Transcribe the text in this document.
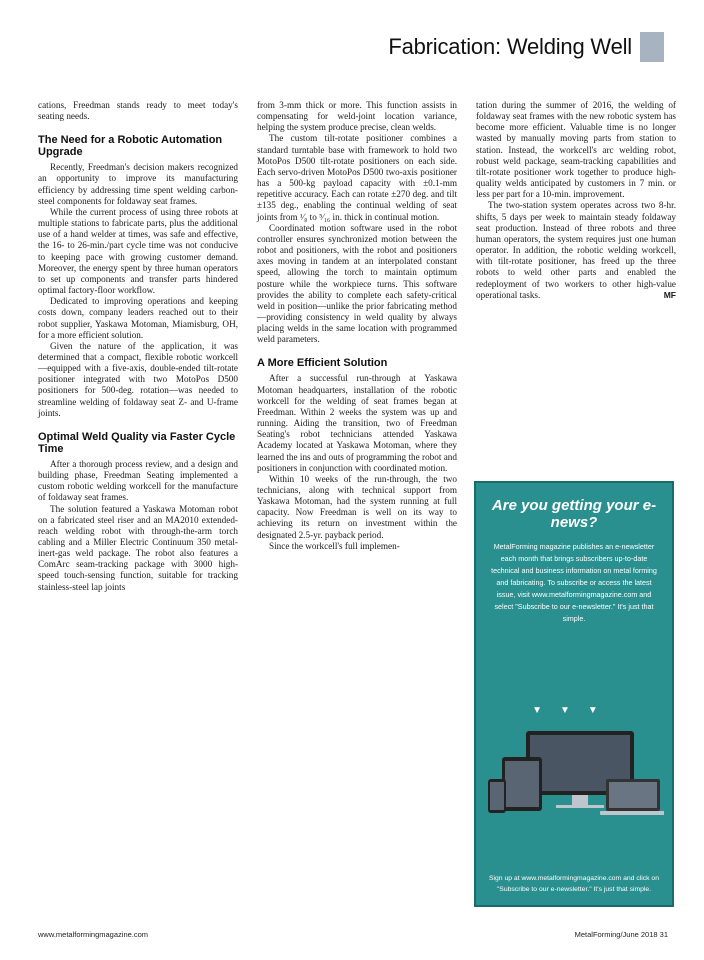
Fabrication: Welding Well

cations, Freedman stands ready to meet today's seating needs.

The Need for a Robotic Automation Upgrade

Recently, Freedman's decision makers recognized an opportunity to improve its manufacturing efficiency by addressing time spent welding carbon-steel components for foldaway seat frames.

While the current process of using three robots at multiple stations to fabricate parts, plus the additional use of a hand welder at times, was safe and effective, the 16- to 26-min./part cycle time was not conducive to keeping pace with growing customer demand. Moreover, the energy spent by three human operators to set up components and transfer parts hindered optimal factory-floor workflow.

Dedicated to improving operations and keeping costs down, company leaders reached out to their robot supplier, Yaskawa Motoman, Miamisburg, OH, for a more efficient solution.

Given the nature of the application, it was determined that a compact, flexible robotic workcell—equipped with a five-axis, double-ended tilt-rotate positioner integrated with two MotoPos D500 positioners for 500-deg. rotation—was needed to streamline welding of foldaway seat Z- and U-frame joints.

Optimal Weld Quality via Faster Cycle Time

After a thorough process review, and a design and building phase, Freedman Seating implemented a custom robotic welding workcell for the manufacture of foldaway seat frames.

The solution featured a Yaskawa Motoman robot on a fabricated steel riser and an MA2010 extended-reach welding robot with through-the-arm torch cabling and a Miller Electric Continuum 350 metal-inert-gas weld package. The robot also features a ComArc seam-tracking package with 3000 high-speed touch-sensing function, suitable for tracking stainless-steel lap joints

from 3-mm thick or more. This function assists in compensating for weld-joint location variance, helping the system produce precise, clean welds.

The custom tilt-rotate positioner combines a standard turntable base with framework to hold two MotoPos D500 tilt-rotate positioners on each side. Each servo-driven MotoPos D500 two-axis positioner has a 500-kg payload capacity with ±0.1-mm repetitive accuracy. Each can rotate ±270 deg. and tilt ±135 deg., enabling the continual welding of seat joints from ¹⁄₈ to ⁵⁄₁₆ in. thick in continual motion.

Coordinated motion software used in the robot controller ensures synchronized motion between the robot and positioners, with the robot and positioners axes moving in tandem at an interpolated constant speed, allowing the torch to maintain optimum posture while the workpiece turns. This software provides the ability to complete each safety-critical weld in position—unlike the prior fabricating method—providing consistency in weld quality by always placing welds in the same location with programmed weld parameters.

A More Efficient Solution

After a successful run-through at Yaskawa Motoman headquarters, installation of the robotic workcell for the welding of seat frames began at Freedman. Within 2 weeks the system was up and running. Aiding the transition, two of Freedman Seating's robot technicians attended Yaskawa Academy located at Yaskawa Motoman, where they learned the ins and outs of programming the robot and positioners in conjunction with coordinated motion.

Within 10 weeks of the run-through, the two technicians, along with technical support from Yaskawa Motoman, had the system running at full capacity. Now Freedman is well on its way to achieving its return on investment within the designated 2.5-yr. payback period.

Since the workcell's full implemen-

tation during the summer of 2016, the welding of foldaway seat frames with the new robotic system has become more efficient. Valuable time is no longer wasted by manually moving parts from station to station. Instead, the workcell's arc welding robot, robust weld package, seam-tracking capabilities and tilt-rotate positioner work together to produce high-quality welds anticipated by customers in 7 min. or less per part for a 10-min. improvement.

The two-station system operates across two 8-hr. shifts, 5 days per week to maintain steady foldaway seat production. Instead of three robots and three human operators, the system requires just one human operator. In addition, the robotic welding workcell, with tilt-rotate positioner, has freed up the three robots to weld other parts and enabled the redeployment of two workers to other high-value operational tasks.	MF

Are you getting your e-news?
MetalForming magazine publishes an e-newsletter each month that brings subscribers up-to-date technical and business information on metal forming and fabricating. To subscribe or access the latest issue, visit www.metalformingmagazine.com and select "Subscribe to our e-newsletter." It's just that simple.
▼▼▼
Sign up at www.metalformingmagazine.com and click on "Subscribe to our e-newsletter." It's just that simple.
www.metalformingmagazine.com	MetalForming/June 2018 31
